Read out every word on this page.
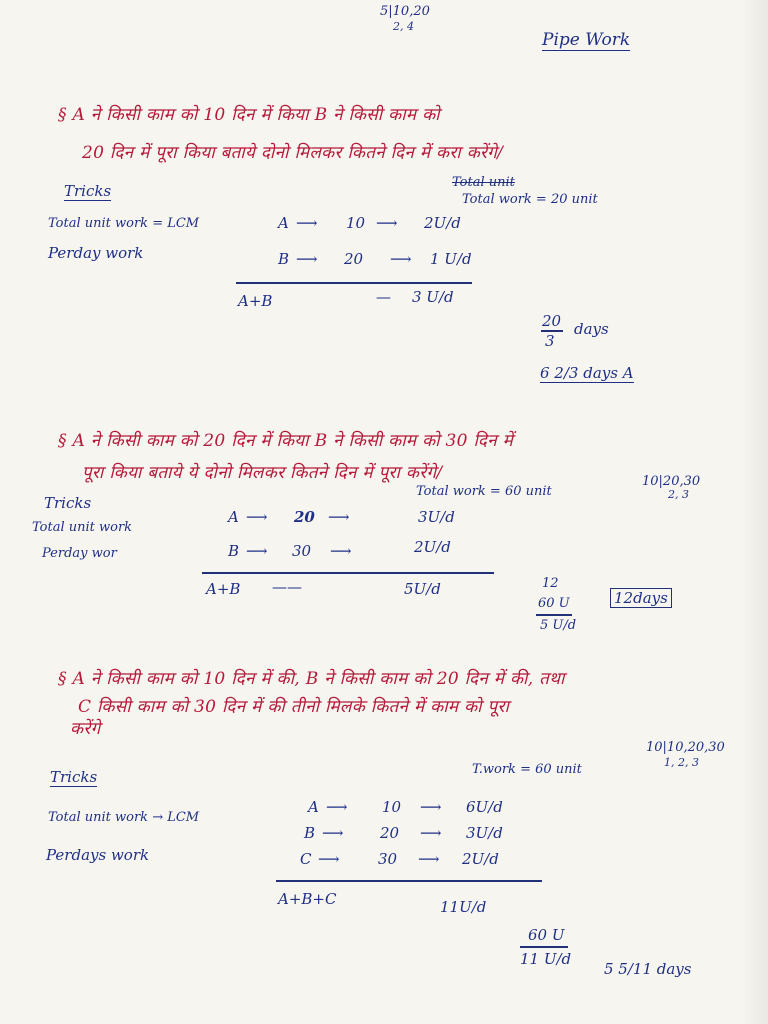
5|10,20
2, 4
Pipe Work
§ A ने किसी काम को 10 दिन में किया B ने किसी काम को
20 दिन में पूरा किया बताये दोनो मिलकर कितने दिन में करा करेंगे/
Tricks	Total unit
Total work = 20 unit
Total unit work = LCM
Perday work
A ⟶ 10 ⟶ 2U/d
B ⟶ 20 ⟶ 1 U/d
A+B	— 3 U/d
20
3
days
6 2/3 days A
§ A ने किसी काम को 20 दिन में किया B ने किसी काम को 30 दिन में
पूरा किया बताये ये दोनो मिलकर कितने दिन में पूरा करेंगे/	10|20,30
2, 3
Tricks
Total work = 60 unit
Total unit work
Perday wor
A ⟶ 20 ⟶	3U/d
B ⟶ 30 ⟶	2U/d
A+B ——	5U/d	12
60 U
5 U/d
12days
§ A ने किसी काम को 10 दिन में की, B ने किसी काम को 20 दिन में की, तथा
C किसी काम को 30 दिन में की तीनो मिलके कितने में काम को पूरा
करेंगे
10|10,20,30
1, 2, 3
Tricks	T.work = 60 unit
Total unit work → LCM
Perdays work
A ⟶ 10 ⟶ 6U/d
B ⟶ 20 ⟶ 3U/d
C ⟶	30 ⟶ 2U/d
A+B+C	11U/d
60 U
11 U/d
5 5/11 days
